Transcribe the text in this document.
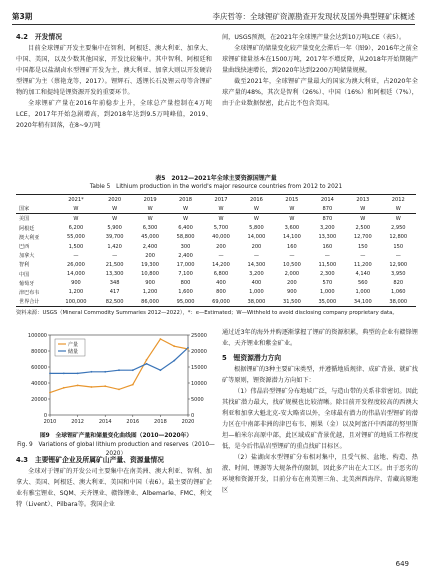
第3期	李庆哲等：全球锂矿资源勘查开发现状及国外典型锂矿床概述

4.2　开发情况

目前全球锂矿开发主要集中在智利、阿根廷、澳大利亚、加拿大、中国、美国，以及少数其他国家，开发比较集中。其中智利、阿根廷和中国都是以盐湖卤水型锂矿开发为主，澳大利亚、加拿大则以开发硬岩型锂矿为主（蔡艳龙等，2017）。锂辉石、透锂长石及锂云母等含锂矿物的加工和提纯是锂资源开发的重要环节。

全球锂矿产量在2016年前稳步上升，全球总产量控制在4万吨LCE，2017年开始急剧增高，到2018年达到9.5万吨峰值，2019、2020年稍有回落，在8~9万吨

间，USGS预测，在2021年全球锂产量会达到10万吨LCE（表5）。

全球锂矿的储量变化较产量变化会滞后一年（图9），2016年之前全球锂矿储量基本在1500万吨，2017年不增反降，从2018年开始期随产量曲线快速增长，到2020年达到2200万吨储量规模。

截至2021年，全球锂矿产量最大的国家为澳大利亚，占2020年全球产量的48%，其次是智利（26%）、中国（16%）和阿根廷（7%），由于企业数据保密，此占比不包含美国。

表5　2012—2021年全球主要资源国锂产量
Table 5　Lithium production in the world's major resource countries from 2012 to 2021
	2021*	2020	2019	2018	2017	2016	2015	2014	2013	2012
国家	W	W	W	W	W	W	W	870	W	W
美国	W	W	W	W	W	W	W	870	W	W
阿根廷	6,200	5,900	6,300	6,400	5,700	5,800	3,600	3,200	2,500	2,950
澳大利亚	55,000	39,700	45,000	58,800	40,000	14,000	14,100	13,300	12,700	12,800
巴西	1,500	1,420	2,400	300	200	200	160	160	150	150
加拿大	—	—	200	2,400	—	—	—	—	—	—
智利	26,000	21,500	19,300	17,000	14,200	14,300	10,500	11,500	11,200	12,900
中国	14,000	13,300	10,800	7,100	6,800	3,200	2,000	2,300	4,140	3,950
葡萄牙	900	348	900	800	400	400	200	570	560	820
津巴布韦	1,200	417	1,200	1,600	800	1,000	900	1,000	1,000	1,060
世界合计	100,000	82,500	86,000	95,000	69,000	38,000	31,500	35,000	34,100	38,000
资料来源：USGS（Mineral Commodity Summaries 2012—2022），*：e—Estimated；W—Withheld to avoid disclosing company proprietary data。
0
20000
40000
60000
80000
100000
0
5000
10000
15000
20000
25000
2010	2012	2014	2016	2018	2020
产量
储量
图9　全球锂矿产量和储量变化曲线图（2010—2020年）
Fig. 9　Variations of global lithium production and reserves（2010—2020）

4.3　主要锂矿企业及所属矿山产量、资源量情况

全球对于锂矿的开发公司主要集中在南美洲、澳大利亚、智利、加拿大、美国、阿根廷、澳大利亚、美国和中国（表6）。最主要的锂矿企业有雅宝锂业、SQM、天齐锂业、赣锋锂业、Albemarle、FMC、利文特（Livent）、Pilbara等。我国企业

通过近3年的海外并购逐渐掌握了锂矿的资源积累，典型的企业有赣锋锂业、天齐锂业和紫金矿业。

5　锂资源潜力方向

根据锂矿的3种主要矿床类型，并遵循地质规律、成矿背景、就矿找矿等原则，锂资源潜力方向如下：

（1）伟晶岩型锂矿分布地域广泛，与造山带的关系非常密切。因此其找矿潜力最大，找矿规模也比较清晰。除目前开发程度较高的西澳大利亚和加拿大魁北克-安大略省以外，全球最有潜力的伟晶岩型锂矿的潜力区在中南部非洲的津巴布韦、刚果（金）以及阿富汗中西部的努里斯坦—帕米尔高原中部，此区域成矿背景优越，且对锂矿的地质工作程度低，是今后伟晶岩型锂矿的重点找矿目标区。

（2）盐湖卤水型锂矿分布相对集中，且受气候、盆地、构造、热液、时间、锂源等大规条件的限制，因此多产出在大工区。由于恶劣的环境和资源开发，目前分布在南美锂三角、北美洲西海岸、青藏高原地区

649
